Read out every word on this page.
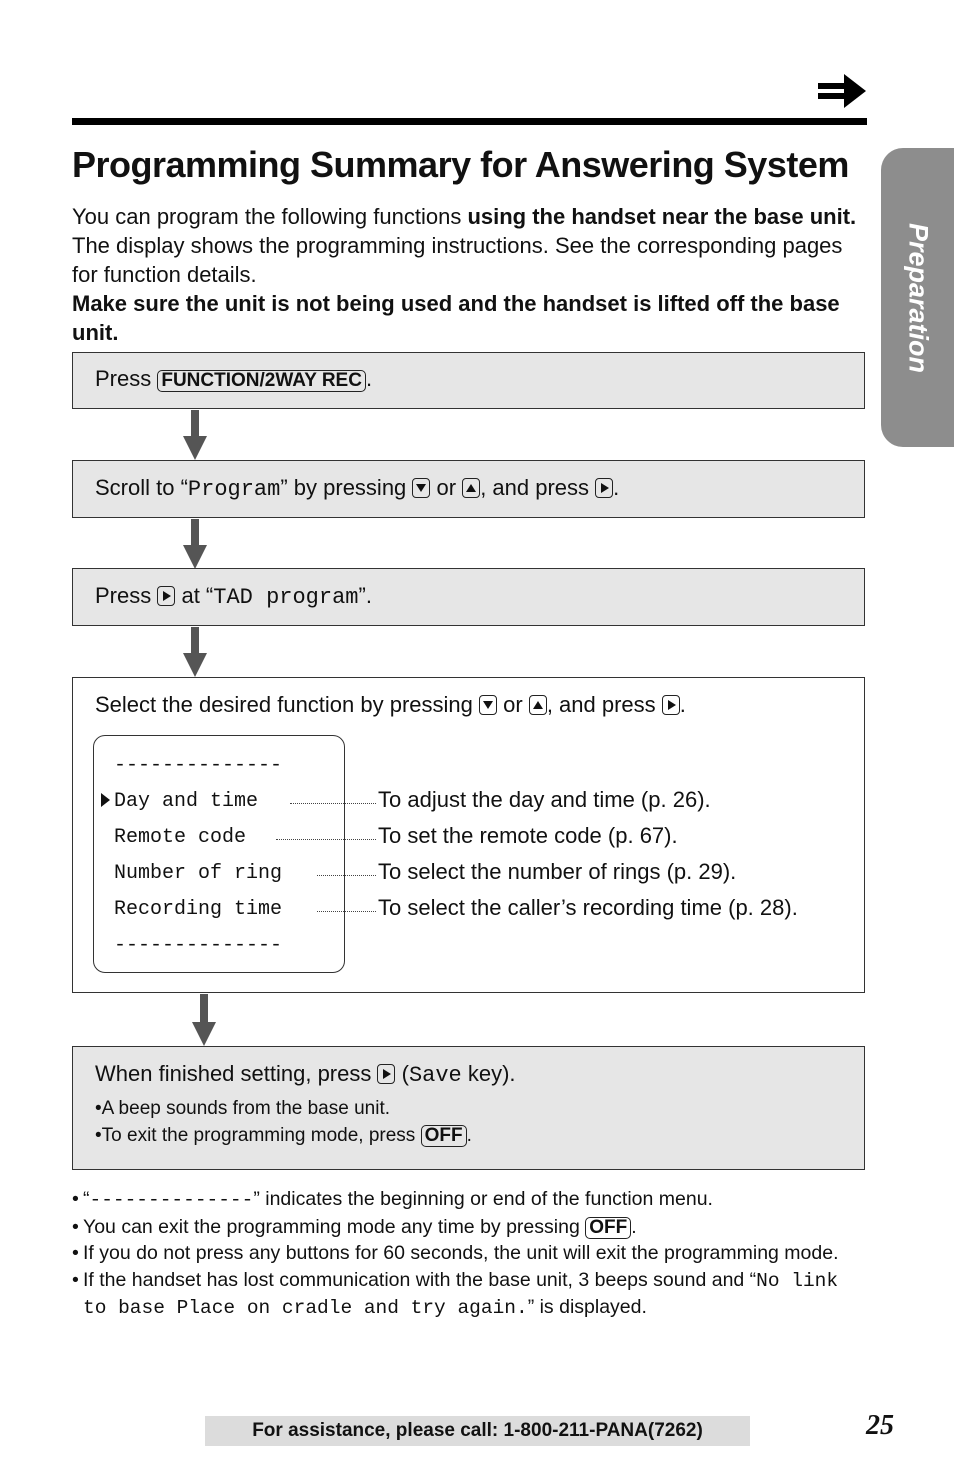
Programming Summary for Answering System
Preparation
You can program the following functions using the handset near the base unit. The display shows the programming instructions. See the corresponding pages for function details.
Make sure the unit is not being used and the handset is lifted off the base unit.
Press FUNCTION/2WAY REC .
Scroll to “Program” by pressing  or , and press .
Press  at “TAD program”.
Select the desired function by pressing  or , and press .
--------------
Day and time
Remote code
Number of ring
Recording time
--------------
To adjust the day and time (p. 26).
To set the remote code (p. 67).
To select the number of rings (p. 29).
To select the caller’s recording time (p. 28).
When finished setting, press  (Save key).
•A beep sounds from the base unit.
•To exit the programming mode, press OFF .
• “--------------” indicates the beginning or end of the function menu.
• You can exit the programming mode any time by pressing OFF .
• If you do not press any buttons for 60 seconds, the unit will exit the programming mode.
• If the handset has lost communication with the base unit, 3 beeps sound and “No link to base Place on cradle and try again.” is displayed.
For assistance, please call: 1-800-211-PANA(7262)	25
